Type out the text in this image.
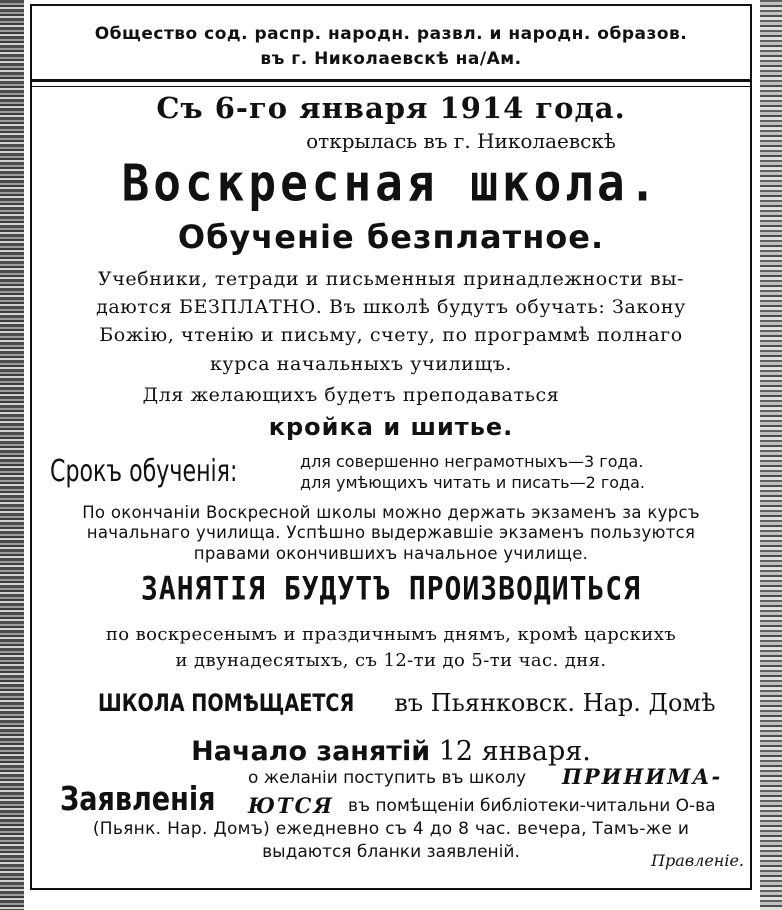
Общество сод. распр. народн. развл. и народн. образов.
въ г. Николаевскѣ на/Ам.
Съ 6-го января 1914 года.
открылась въ г. Николаевскѣ
Воскресная школа.
Обученіе безплатное.
Учебники, тетради и письменныя принадлежности вы-
даются БЕЗПЛАТНО. Въ школѣ будутъ обучать: Закону
Божію, чтенію и письму, счету, по программѣ полнаго
курса начальныхъ училищъ.
Для желающихъ будетъ преподаваться
кройка и шитье.
Срокъ обученія:	для совершенно неграмотныхъ—3 года.
для умѣющихъ читать и писать—2 года.
По окончаніи Воскресной школы можно держать экзаменъ за курсъ
начальнаго училища. Успѣшно выдержавшіе экзаменъ пользуются
правами окончившихъ начальное училище.
ЗАНЯТІЯ БУДУТЪ ПРОИЗВОДИТЬСЯ
по воскресенымъ и праздичнымъ днямъ, кромѣ царскихъ
и двунадесятыхъ, съ 12-ти до 5-ти час. дня.
ШКОЛА ПОМѢЩАЕТСЯ въ Пьянковск. Нар. Домѣ
Начало занятій 12 января.
Заявленія
о желаніи поступить въ школу ПРИНИМА-
ЮТСЯ въ помѣщеніи библіотеки-читальни О-ва
(Пьянк. Нар. Домъ) ежедневно съ 4 до 8 час. вечера, Тамъ-же и
выдаются бланки заявленій.	Правленіе.
